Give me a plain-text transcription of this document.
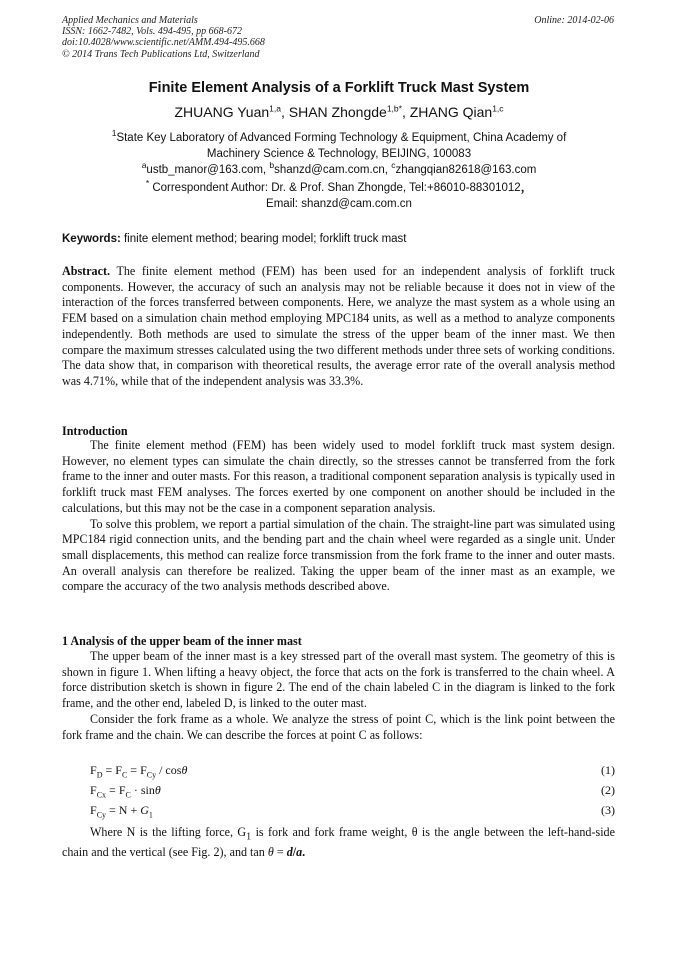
Applied Mechanics and Materials
ISSN: 1662-7482, Vols. 494-495, pp 668-672
doi:10.4028/www.scientific.net/AMM.494-495.668
© 2014 Trans Tech Publications Ltd, Switzerland
Online: 2014-02-06
Finite Element Analysis of a Forklift Truck Mast System
ZHUANG Yuan$^{1,a}$, SHAN Zhongde$^{1,b*}$, ZHANG Qian$^{1,c}$
$^1$State Key Laboratory of Advanced Forming Technology & Equipment, China Academy of
Machinery Science & Technology, BEIJING, 100083
$^a$ustb_manor@163.com, $^b$shanzd@cam.com.cn, $^c$zhangqian82618@163.com
* Correspondent Author: Dr. & Prof. Shan Zhongde, Tel:+86010-88301012，
Email: shanzd@cam.com.cn
Keywords: finite element method; bearing model; forklift truck mast

Abstract. The finite element method (FEM) has been used for an independent analysis of forklift truck components. However, the accuracy of such an analysis may not be reliable because it does not in view of the interaction of the forces transferred between components. Here, we analyze the mast system as a whole using an FEM based on a simulation chain method employing MPC184 units, as well as a method to analyze components independently. Both methods are used to simulate the stress of the upper beam of the inner mast. We then compare the maximum stresses calculated using the two different methods under three sets of working conditions. The data show that, in comparison with theoretical results, the average error rate of the overall analysis method was 4.71%, while that of the independent analysis was 33.3%.

Introduction

The finite element method (FEM) has been widely used to model forklift truck mast system design. However, no element types can simulate the chain directly, so the stresses cannot be transferred from the fork frame to the inner and outer masts. For this reason, a traditional component separation analysis is typically used in forklift truck mast FEM analyses. The forces exerted by one component on another should be included in the calculations, but this may not be the case in a component separation analysis.

To solve this problem, we report a partial simulation of the chain. The straight-line part was simulated using MPC184 rigid connection units, and the bending part and the chain wheel were regarded as a single unit. Under small displacements, this method can realize force transmission from the fork frame to the inner and outer masts. An overall analysis can therefore be realized. Taking the upper beam of the inner mast as an example, we compare the accuracy of the two analysis methods described above.

1 Analysis of the upper beam of the inner mast

The upper beam of the inner mast is a key stressed part of the overall mast system. The geometry of this is shown in figure 1. When lifting a heavy object, the force that acts on the fork is transferred to the chain wheel. A force distribution sketch is shown in figure 2. The end of the chain labeled C in the diagram is linked to the fork frame, and the other end, labeled D, is linked to the outer mast.

Consider the fork frame as a whole. We analyze the stress of point C, which is the link point between the fork frame and the chain. We can describe the forces at point C as follows:

$F_D = F_C = F_{Cy} / \cos\theta$	(1)
$F_{Cx} = F_C \cdot \sin\theta$	(2)
$F_{Cy} = N + G_1$	(3)

Where N is the lifting force, $G_1$ is fork and fork frame weight, θ is the angle between the left-hand-side chain and the vertical (see Fig. 2), and tan θ = d/a.
